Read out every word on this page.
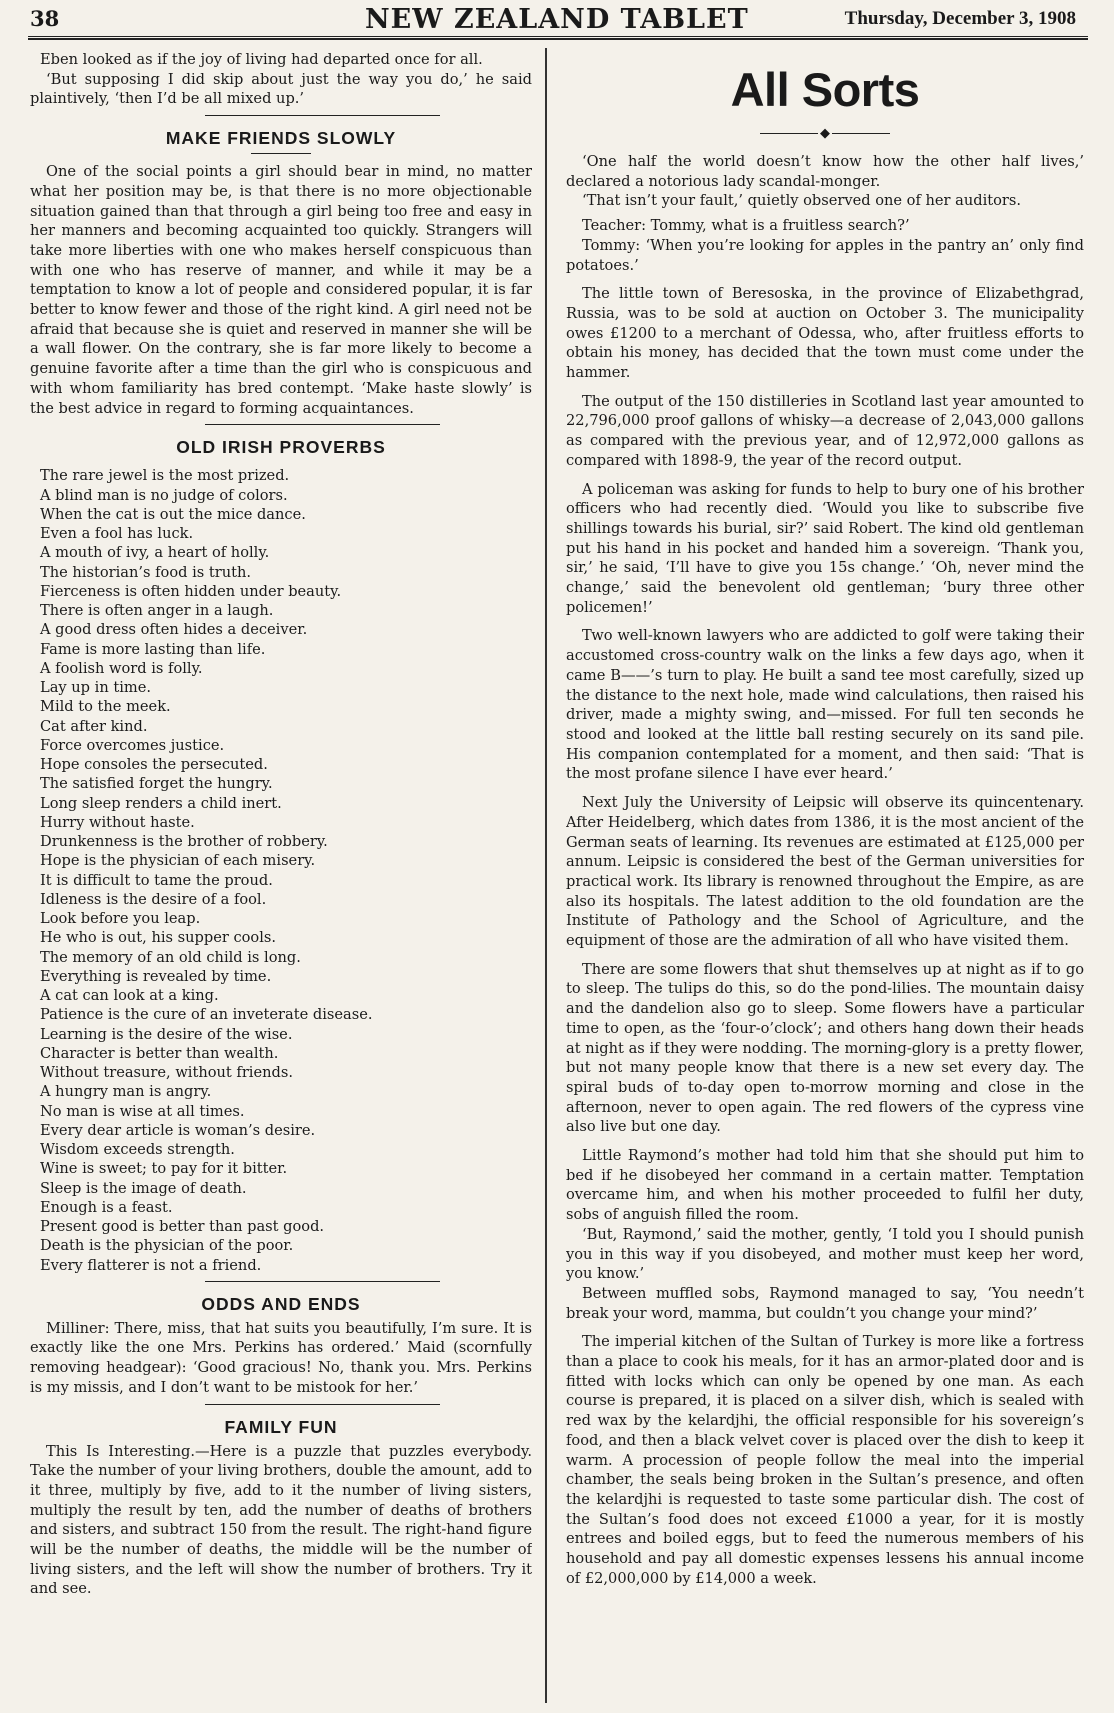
38	NEW ZEALAND TABLET	Thursday, December 3, 1908

Eben looked as if the joy of living had departed once for all.

‘But supposing I did skip about just the way you do,’ he said plaintively, ‘then I’d be all mixed up.’

MAKE FRIENDS SLOWLY

One of the social points a girl should bear in mind, no matter what her position may be, is that there is no more objectionable situation gained than that through a girl being too free and easy in her manners and becoming acquainted too quickly. Strangers will take more liberties with one who makes herself conspicuous than with one who has reserve of manner, and while it may be a temptation to know a lot of people and considered popular, it is far better to know fewer and those of the right kind. A girl need not be afraid that because she is quiet and reserved in manner she will be a wall flower. On the contrary, she is far more likely to become a genuine favorite after a time than the girl who is conspicuous and with whom familiarity has bred contempt. ‘Make haste slowly’ is the best advice in regard to forming acquaintances.

OLD IRISH PROVERBS
The rare jewel is the most prized.
A blind man is no judge of colors.
When the cat is out the mice dance.
Even a fool has luck.
A mouth of ivy, a heart of holly.
The historian’s food is truth.
Fierceness is often hidden under beauty.
There is often anger in a laugh.
A good dress often hides a deceiver.
Fame is more lasting than life.
A foolish word is folly.
Lay up in time.
Mild to the meek.
Cat after kind.
Force overcomes justice.
Hope consoles the persecuted.
The satisfied forget the hungry.
Long sleep renders a child inert.
Hurry without haste.
Drunkenness is the brother of robbery.
Hope is the physician of each misery.
It is difficult to tame the proud.
Idleness is the desire of a fool.
Look before you leap.
He who is out, his supper cools.
The memory of an old child is long.
Everything is revealed by time.
A cat can look at a king.
Patience is the cure of an inveterate disease.
Learning is the desire of the wise.
Character is better than wealth.
Without treasure, without friends.
A hungry man is angry.
No man is wise at all times.
Every dear article is woman’s desire.
Wisdom exceeds strength.
Wine is sweet; to pay for it bitter.
Sleep is the image of death.
Enough is a feast.
Present good is better than past good.
Death is the physician of the poor.
Every flatterer is not a friend.
ODDS AND ENDS

Milliner: There, miss, that hat suits you beautifully, I’m sure. It is exactly like the one Mrs. Perkins has ordered.’ Maid (scornfully removing headgear): ‘Good gracious! No, thank you. Mrs. Perkins is my missis, and I don’t want to be mistook for her.’

FAMILY FUN

This Is Interesting.—Here is a puzzle that puzzles everybody. Take the number of your living brothers, double the amount, add to it three, multiply by five, add to it the number of living sisters, multiply the result by ten, add the number of deaths of brothers and sisters, and subtract 150 from the result. The right-hand figure will be the number of deaths, the middle will be the number of living sisters, and the left will show the number of brothers. Try it and see.

All Sorts
◆

‘One half the world doesn’t know how the other half lives,’ declared a notorious lady scandal-monger.

‘That isn’t your fault,’ quietly observed one of her auditors.

Teacher: Tommy, what is a fruitless search?’

Tommy: ‘When you’re looking for apples in the pantry an’ only find potatoes.’

The little town of Beresoska, in the province of Elizabethgrad, Russia, was to be sold at auction on October 3. The municipality owes £1200 to a merchant of Odessa, who, after fruitless efforts to obtain his money, has decided that the town must come under the hammer.

The output of the 150 distilleries in Scotland last year amounted to 22,796,000 proof gallons of whisky—a decrease of 2,043,000 gallons as compared with the previous year, and of 12,972,000 gallons as compared with 1898-9, the year of the record output.

A policeman was asking for funds to help to bury one of his brother officers who had recently died. ‘Would you like to subscribe five shillings towards his burial, sir?’ said Robert. The kind old gentleman put his hand in his pocket and handed him a sovereign. ‘Thank you, sir,’ he said, ‘I’ll have to give you 15s change.’ ‘Oh, never mind the change,’ said the benevolent old gentleman; ‘bury three other policemen!’

Two well-known lawyers who are addicted to golf were taking their accustomed cross-country walk on the links a few days ago, when it came B——’s turn to play. He built a sand tee most carefully, sized up the distance to the next hole, made wind calculations, then raised his driver, made a mighty swing, and—missed. For full ten seconds he stood and looked at the little ball resting securely on its sand pile. His companion contemplated for a moment, and then said: ‘That is the most profane silence I have ever heard.’

Next July the University of Leipsic will observe its quincentenary. After Heidelberg, which dates from 1386, it is the most ancient of the German seats of learning. Its revenues are estimated at £125,000 per annum. Leipsic is considered the best of the German universities for practical work. Its library is renowned throughout the Empire, as are also its hospitals. The latest addition to the old foundation are the Institute of Pathology and the School of Agriculture, and the equipment of those are the admiration of all who have visited them.

There are some flowers that shut themselves up at night as if to go to sleep. The tulips do this, so do the pond-lilies. The mountain daisy and the dandelion also go to sleep. Some flowers have a particular time to open, as the ‘four-o’clock’; and others hang down their heads at night as if they were nodding. The morning-glory is a pretty flower, but not many people know that there is a new set every day. The spiral buds of to-day open to-morrow morning and close in the afternoon, never to open again. The red flowers of the cypress vine also live but one day.

Little Raymond’s mother had told him that she should put him to bed if he disobeyed her command in a certain matter. Temptation overcame him, and when his mother proceeded to fulfil her duty, sobs of anguish filled the room.

‘But, Raymond,’ said the mother, gently, ‘I told you I should punish you in this way if you disobeyed, and mother must keep her word, you know.’

Between muffled sobs, Raymond managed to say, ‘You needn’t break your word, mamma, but couldn’t you change your mind?’

The imperial kitchen of the Sultan of Turkey is more like a fortress than a place to cook his meals, for it has an armor-plated door and is fitted with locks which can only be opened by one man. As each course is prepared, it is placed on a silver dish, which is sealed with red wax by the kelardjhi, the official responsible for his sovereign’s food, and then a black velvet cover is placed over the dish to keep it warm. A procession of people follow the meal into the imperial chamber, the seals being broken in the Sultan’s presence, and often the kelardjhi is requested to taste some particular dish. The cost of the Sultan’s food does not exceed £1000 a year, for it is mostly entrees and boiled eggs, but to feed the numerous members of his household and pay all domestic expenses lessens his annual income of £2,000,000 by £14,000 a week.
